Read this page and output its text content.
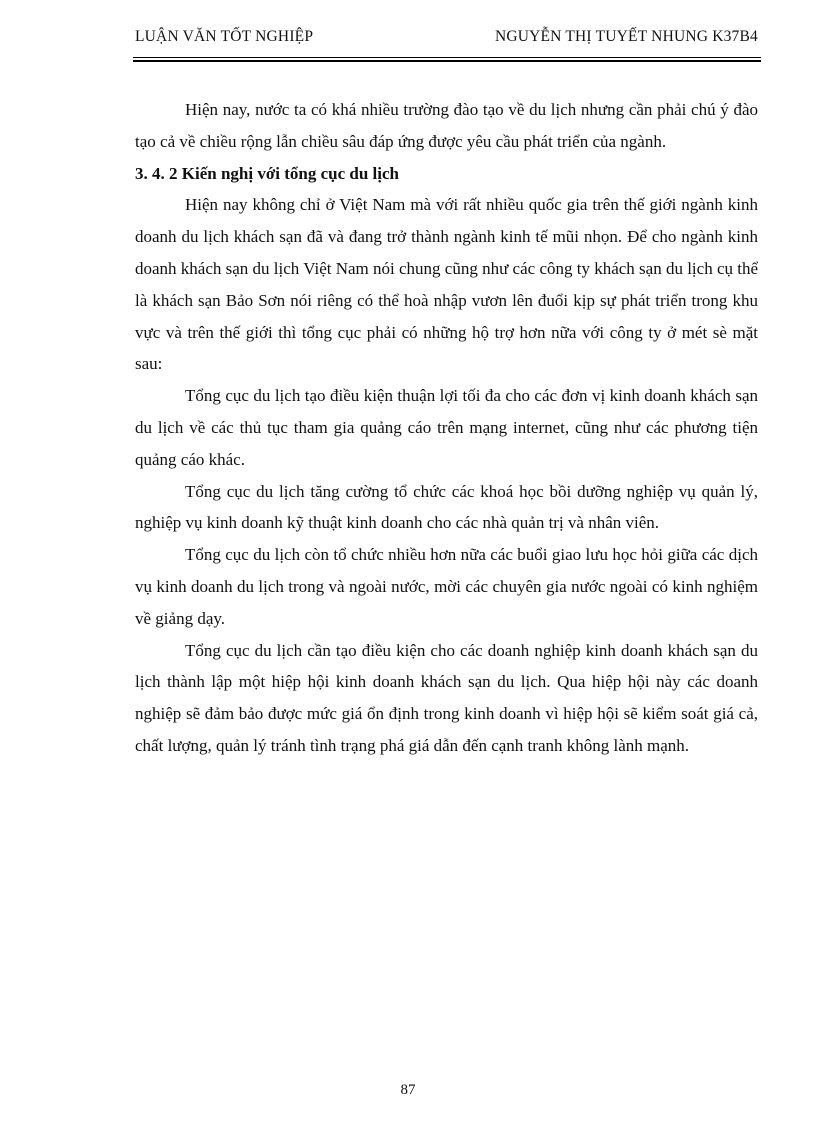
LUẬN VĂN TỐT NGHIỆP	NGUYỄN THỊ TUYẾT NHUNG K37B4

Hiện nay, nước ta có khá nhiều trường đào tạo về du lịch nhưng cần phải chú ý đào tạo cả về chiều rộng lẫn chiều sâu đáp ứng được yêu cầu phát triển của ngành.

3. 4. 2 Kiến nghị với tổng cục du lịch

Hiện nay không chỉ ở Việt Nam mà với rất nhiều quốc gia trên thế giới ngành kinh doanh du lịch khách sạn đã và đang trở thành ngành kinh tế mũi nhọn. Để cho ngành kinh doanh khách sạn du lịch Việt Nam nói chung cũng như các công ty khách sạn du lịch cụ thể là khách sạn Bảo Sơn nói riêng có thể hoà nhập vươn lên đuổi kịp sự phát triển trong khu vực và trên thế giới thì tổng cục phải có những hộ trợ hơn nữa với công ty ở mét sè mặt sau:

Tổng cục du lịch tạo điều kiện thuận lợi tối đa cho các đơn vị kinh doanh khách sạn du lịch về các thủ tục tham gia quảng cáo trên mạng internet, cũng như các phương tiện quảng cáo khác.

Tổng cục du lịch tăng cường tổ chức các khoá học bồi dưỡng nghiệp vụ quản lý, nghiệp vụ kinh doanh kỹ thuật kinh doanh cho các nhà quản trị và nhân viên.

Tổng cục du lịch còn tổ chức nhiều hơn nữa các buổi giao lưu học hỏi giữa các dịch vụ kinh doanh du lịch trong và ngoài nước, mời các chuyên gia nước ngoài có kinh nghiệm về giảng dạy.

Tổng cục du lịch cần tạo điều kiện cho các doanh nghiệp kinh doanh khách sạn du lịch thành lập một hiệp hội kinh doanh khách sạn du lịch. Qua hiệp hội này các doanh nghiệp sẽ đảm bảo được mức giá ổn định trong kinh doanh vì hiệp hội sẽ kiểm soát giá cả, chất lượng, quản lý tránh tình trạng phá giá dẫn đến cạnh tranh không lành mạnh.

87
